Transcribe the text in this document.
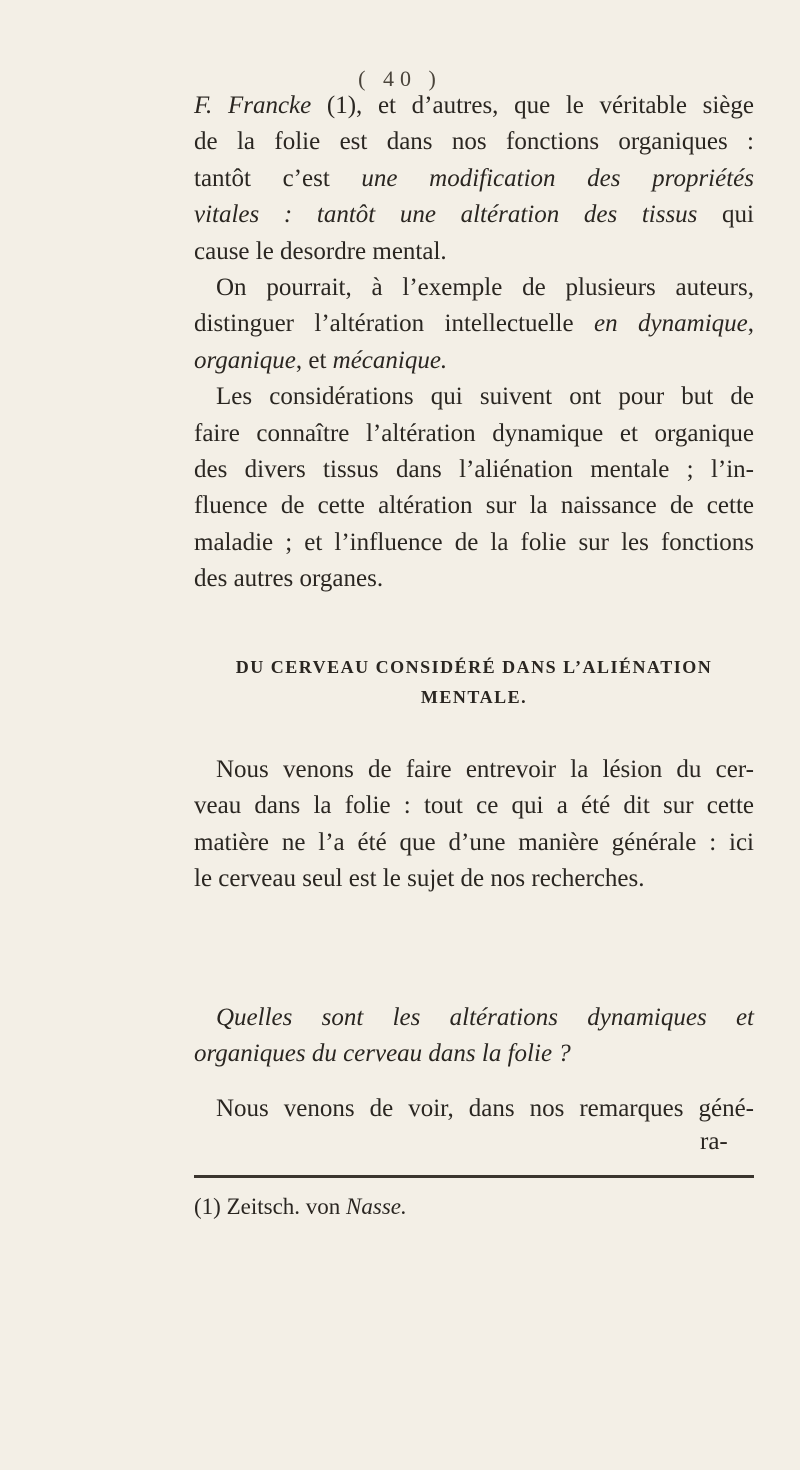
( 40 )
F. Francke (1), et d’autres, que le véritable siège
de la folie est dans nos fonctions organiques :
tantôt c’est une modification des propriétés
vitales : tantôt une altération des tissus qui
cause le desordre mental.
On pourrait, à l’exemple de plusieurs auteurs,
distinguer l’altération intellectuelle en dynamique,
organique, et mécanique.
Les considérations qui suivent ont pour but de
faire connaître l’altération dynamique et organique
des divers tissus dans l’aliénation mentale ; l’in-
fluence de cette altération sur la naissance de cette
maladie ; et l’influence de la folie sur les fonctions
des autres organes.
DU CERVEAU CONSIDÉRÉ DANS L’ALIÉNATION
MENTALE.
Nous venons de faire entrevoir la lésion du cer-
veau dans la folie : tout ce qui a été dit sur cette
matière ne l’a été que d’une manière générale : ici
le cerveau seul est le sujet de nos recherches.
Quelles sont les altérations dynamiques et
organiques du cerveau dans la folie ?
Nous venons de voir, dans nos remarques géné-
ra-
(1) Zeitsch. von Nasse.
